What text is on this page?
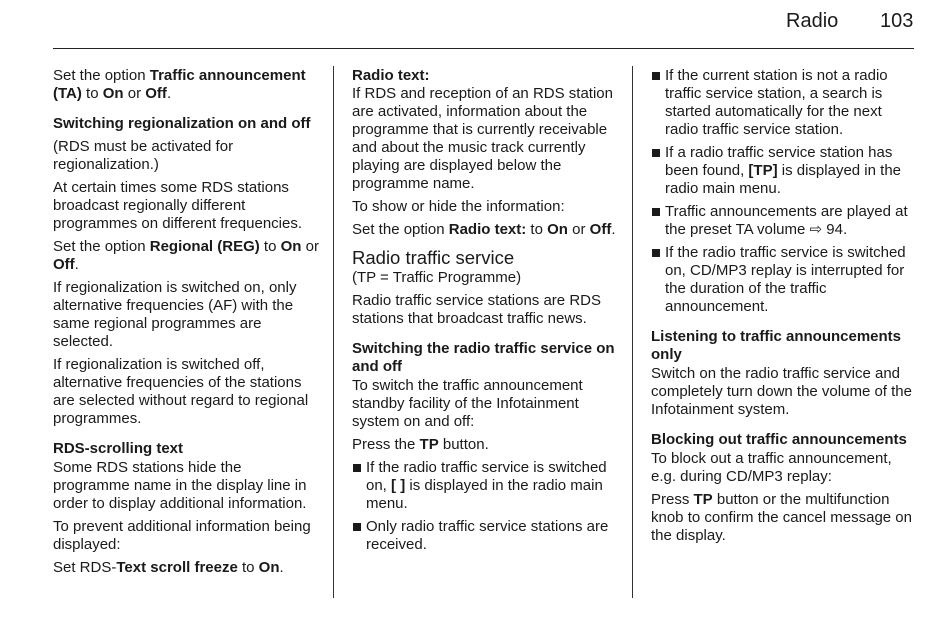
Radio 103

Set the option Traffic announcement (TA) to On or Off.

Switching regionalization on and off

(RDS must be activated for regionalization.)

At certain times some RDS stations broadcast regionally different programmes on different frequencies.

Set the option Regional (REG) to On or Off.

If regionalization is switched on, only alternative frequencies (AF) with the same regional programmes are selected.

If regionalization is switched off, alternative frequencies of the stations are selected without regard to regional programmes.

RDS-scrolling text

Some RDS stations hide the programme name in the display line in order to display additional information.

To prevent additional information being displayed:

Set RDS-Text scroll freeze to On.

Radio text:

If RDS and reception of an RDS station are activated, information about the programme that is currently receivable and about the music track currently playing are displayed below the programme name.

To show or hide the information:

Set the option Radio text: to On or Off.

Radio traffic service

(TP = Traffic Programme)

Radio traffic service stations are RDS stations that broadcast traffic news.

Switching the radio traffic service on and off

To switch the traffic announcement standby facility of the Infotainment system on and off:

Press the TP button.

If the radio traffic service is switched on, [ ] is displayed in the radio main menu.

Only radio traffic service stations are received.

If the current station is not a radio traffic service station, a search is started automatically for the next radio traffic service station.

If a radio traffic service station has been found, [TP] is displayed in the radio main menu.

Traffic announcements are played at the preset TA volume ⇨ 94.

If the radio traffic service is switched on, CD/MP3 replay is interrupted for the duration of the traffic announcement.

Listening to traffic announcements only

Switch on the radio traffic service and completely turn down the volume of the Infotainment system.

Blocking out traffic announcements

To block out a traffic announcement, e.g. during CD/MP3 replay:

Press TP button or the multifunction knob to confirm the cancel message on the display.
